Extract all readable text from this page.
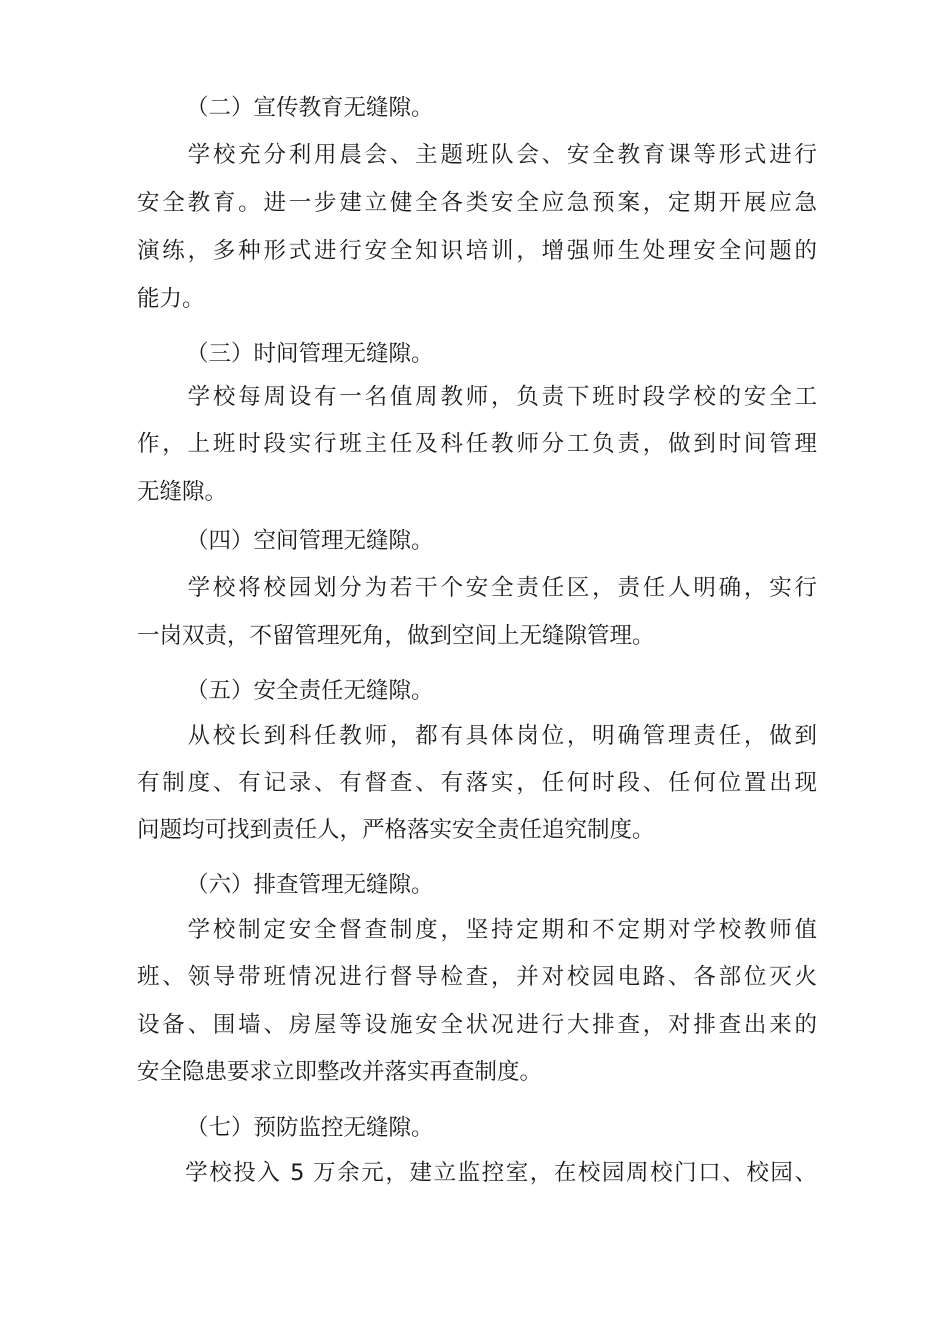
（二）宣传教育无缝隙。
　　学校充分利用晨会、主题班队会、安全教育课等形式进行
安全教育。进一步建立健全各类安全应急预案，定期开展应急
演练，多种形式进行安全知识培训，增强师生处理安全问题的
能力。
（三）时间管理无缝隙。
　　学校每周设有一名值周教师，负责下班时段学校的安全工
作，上班时段实行班主任及科任教师分工负责，做到时间管理
无缝隙。
（四）空间管理无缝隙。
　　学校将校园划分为若干个安全责任区，责任人明确，实行
一岗双责，不留管理死角，做到空间上无缝隙管理。
（五）安全责任无缝隙。
　　从校长到科任教师，都有具体岗位，明确管理责任，做到
有制度、有记录、有督查、有落实，任何时段、任何位置出现
问题均可找到责任人，严格落实安全责任追究制度。
（六）排查管理无缝隙。
　　学校制定安全督查制度，坚持定期和不定期对学校教师值
班、领导带班情况进行督导检查，并对校园电路、各部位灭火
设备、围墙、房屋等设施安全状况进行大排查，对排查出来的
安全隐患要求立即整改并落实再查制度。
（七）预防监控无缝隙。
　　学校投入 5 万余元，建立监控室，在校园周校门口、校园、
